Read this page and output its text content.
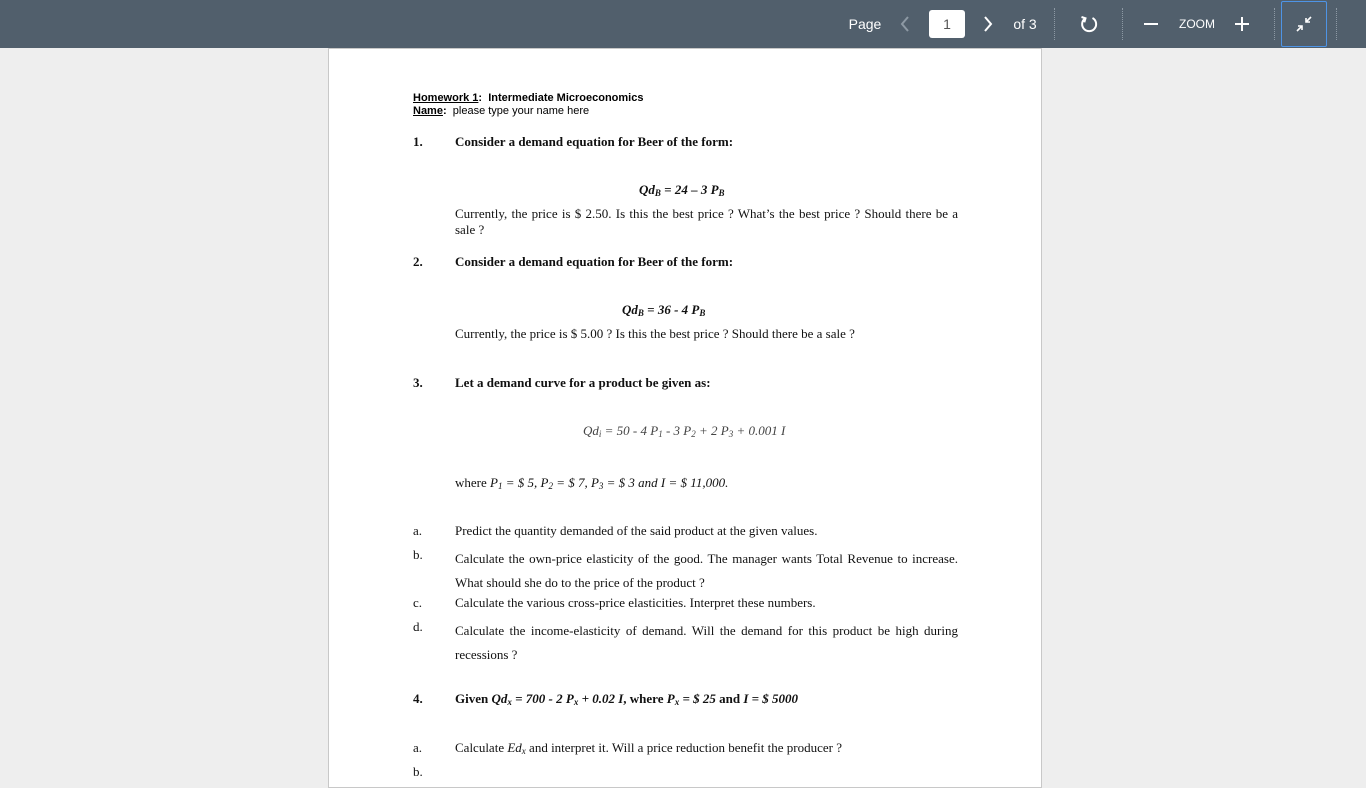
Page
1	of 3	ZOOM
Homework 1:  Intermediate Microeconomics
Name: please type your name here
1. Consider a demand equation for Beer of the form:
$Qd_B = 24 - 3$ $P_B$
Currently, the price is $ 2.50. Is this the best price ? What’s the best price ? Should there be a sale ?
2. Consider a demand equation for Beer of the form:
$Qd_B = 36 - 4$ $P_B$
Currently, the price is $ 5.00 ? Is this the best price ? Should there be a sale ?
3. Let a demand curve for a product be given as:
$Qd_i = 50 - 4$ $P_1 - 3$ $P_2 + 2$ $P_3 + 0.001$ I
where $P_1$ = $ 5, $P_2$ = $ 7, $P_3$ = $ 3 and I = $ 11,000.
a.	Predict the quantity demanded of the said product at the given values.
b. Calculate the own-price elasticity of the good. The manager wants Total Revenue to increase. What should she do to the price of the product ?
c.	Calculate the various cross-price elasticities. Interpret these numbers.
d. Calculate the income-elasticity of demand. Will the demand for this product be high during recessions ?
4. Given $Qd_x = 700 - 2$ $P_x + 0.02$ I, where $P_x$ = $ 25 and I = $ 5000
a.	Calculate $Ed_x$ and interpret it. Will a price reduction benefit the producer ?
b.
